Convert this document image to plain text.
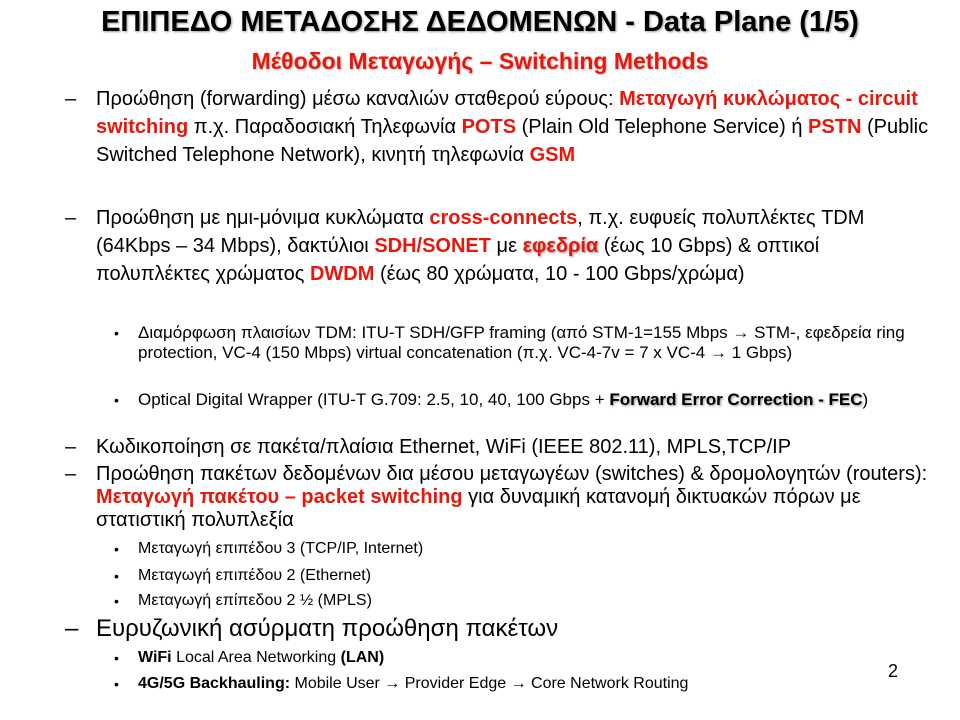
ΕΠΙΠΕΔΟ ΜΕΤΑΔΟΣΗΣ ΔΕΔΟΜΕΝΩΝ - Data Plane (1/5)
Μέθοδοι Μεταγωγής – Switching Methods
– Προώθηση (forwarding) μέσω καναλιών σταθερού εύρους: Μεταγωγή κυκλώματος - circuit switching π.χ. Παραδοσιακή Τηλεφωνία POTS (Plain Old Telephone Service) ή PSTN (Public Switched Telephone Network), κινητή τηλεφωνία GSM
– Προώθηση με ημι-μόνιμα κυκλώματα cross-connects, π.χ. ευφυείς πολυπλέκτες TDM (64Kbps – 34 Mbps), δακτύλιοι SDH/SONET με εφεδρία (έως 10 Gbps) & οπτικοί πολυπλέκτες χρώματος DWDM (έως 80 χρώματα, 10 - 100 Gbps/χρώμα)
• Διαμόρφωση πλαισίων TDM: ITU-T SDH/GFP framing (από STM-1=155 Mbps → STM-, εφεδρεία ring protection, VC-4 (150 Mbps) virtual concatenation (π.χ. VC-4-7v = 7 x VC-4 → 1 Gbps)
• Optical Digital Wrapper (ITU-T G.709: 2.5, 10, 40, 100 Gbps + Forward Error Correction - FEC)
– Κωδικοποίηση σε πακέτα/πλαίσια Ethernet, WiFi (IEEE 802.11), MPLS,TCP/IP
– Προώθηση πακέτων δεδομένων δια μέσου μεταγωγέων (switches) & δρομολογητών (routers): Μεταγωγή πακέτου – packet switching για δυναμική κατανομή δικτυακών πόρων με στατιστική πολυπλεξία
• Μεταγωγή επιπέδου 3 (TCP/IP, Internet)
• Μεταγωγή επιπέδου 2 (Ethernet)
• Μεταγωγή επίπεδου 2 ½ (MPLS)
– Ευρυζωνική ασύρματη προώθηση πακέτων
• WiFi Local Area Networking (LAN)
• 4G/5G Backhauling: Mobile User → Provider Edge → Core Network Routing
2
